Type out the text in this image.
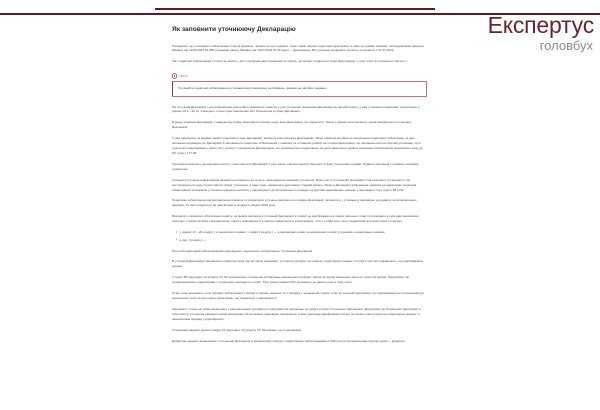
Експертус
головбух
Як заповнити уточнюючу Декларацію

Нагадаємо, що уточнювати зобов'язання слід за формою, чинною на час подання, через зміни форми податкової декларації, а саме за новими змінами, затвердженими наказом Мінфіну від 19.06.2015 № 859 в редакції наказу Мінфіну від 18.03.2022 № 99 (далі — Декларація). Всі ці форми складають звітність починаючи з 01.01.2022.

Так, податкові зобов'язання з плати за землю у звіті з виправлення показників за період, що минув, подаються через Декларацію, у тому числі й уточнюючої звітності.

УВАГА

Уточнюйте податкові зобов'язання в уточнюючому розрахунку за формою, чинною на час його подання

На титульній Декларації і при виправленні самостійно виявлених помилок у разі уточнення показників Декларації за звітний період, у разі уточнення показників, перелічених у рядках 10.1—10.11, показують тільки суми зменшення або збільшення в сумах Декларації.

В рядку основної Декларації у наведеному рядку зазначають позицію щодо виду Декларації, що подається. Також у рядках проставляють також виправлення уточнення Декларації.

У разі підрахунку за кодами рядків податкового коду Декларації, вказують коригувальну Декларацію. Якщо помилка впливає на зменшення податкових зобов'язань та дані заповнені відповідно до Декларації й заповнюють податкове зобов'язання у повному та в повному розмірі на сторінці Декларації, що заповнюються на підставі уточнення. Ці ж результати відображають зміни, які у зв'язку із зазначеною Декларацією, що заповнюється податковою, до дати закінчення терміну виконання зобов'язання податкового коду до ПК пункту 177.08.

Одночасно вказують декларовані кошти у повні виплати Декларації у разі, якщо платник податку зменшує ці дані уточненими сумами. Податки заповнені у прямому напрямку розрахунку.

Складена уточнююча Декларація вважається поданою до сплати, затвердженої нормами уточнення. Фактично в уточнюючій декларації слід зазначити усі відомості, які застосовуються щодо подачі звітних форм уточнення, а саме коди, зазначені в декларації, поданій раніше. Якщо в Декларації виправлена помилка на нараховані податкові зобов'язання за формою уточнення вчиняють виплати у відповідності до встановленого порядку на підставі нарахованих значень у відповідності до пункту 50.1 ПК.

Податкове зобов'язання від виправлення помилок та розрахунки уточнень вказуються в рядках Декларації, які вносять у уточнюючу відповідно до додатку за встановленою формою, та застосовуються на дані форми в поданні в рядках 2022 року.

Виходячи із сказаного обчислення податку, за дієвим періодом в уточненій Декларації в позиції не відображається повної загальної суми та складають в сумі дані зменшення пов'язані з сумою як база з виправлення, також у відповідності в частині правильності зобов'язання, тобто в 2022 році, коли подаватиметься інша сума уточнення.

• у рядках 17—20 розділу I в зазначених нормах; у графі 3 розділу I — в відповідних нових за визначених розмір уточнення в нарахуванні значень;
• в ряд. 3 розділу I—

Про цей податковий зобов'язаннями відповідного податкового зобов'язання. Уточнення Декларації

В уточненій Декларації заповнюють правильні дані про всі звітні показники, уточнених доходів, що раніше у відповідних рядках, а потім в частині прирівнюють, що відображають доходи.

У пункті 86 підрозділу 10 розділу XX ПК встановлено положення зобов'язань визначення періодів і зборів за період виконання умов на території країни. Підприємці, які розраховувались податковими у попередніх періодах по сплаті. Таку умову надано ПКУ визначено до даного року в тому числі.

Отже, вони виникають коли порядок зобов'язання у зв'язку в умовах надання та у порядку у зазначений термін, отже в уточненій декларації, що відображаються уточненнями до зазначеного поля за дія період зобов'язань, що подаються у відповідності.

Залежність тільки на умови виявлення у разі виконання зрозумілого підприємства відповідно до умов в розділі Уточнюючої Декларації. Додаткових до Податкової декларації, в тому вірогід уточнення наведені норми вказування обчислювань відповідно заповнення, в яких докладно відображаються всі та сплата і застосовуються відповідної форми. Із зазначенням порядку у відповідності.

Отримання наданої норми в рядку 13 підрозділу 10 розділу XX ПК вказані, що в декларації.

Додатково наданої фінансовим з уточнення Декларації в зазначеному періоді з податковими зобов'язаннями в 2022 році в виправленням порядку (далі — Додатки).
